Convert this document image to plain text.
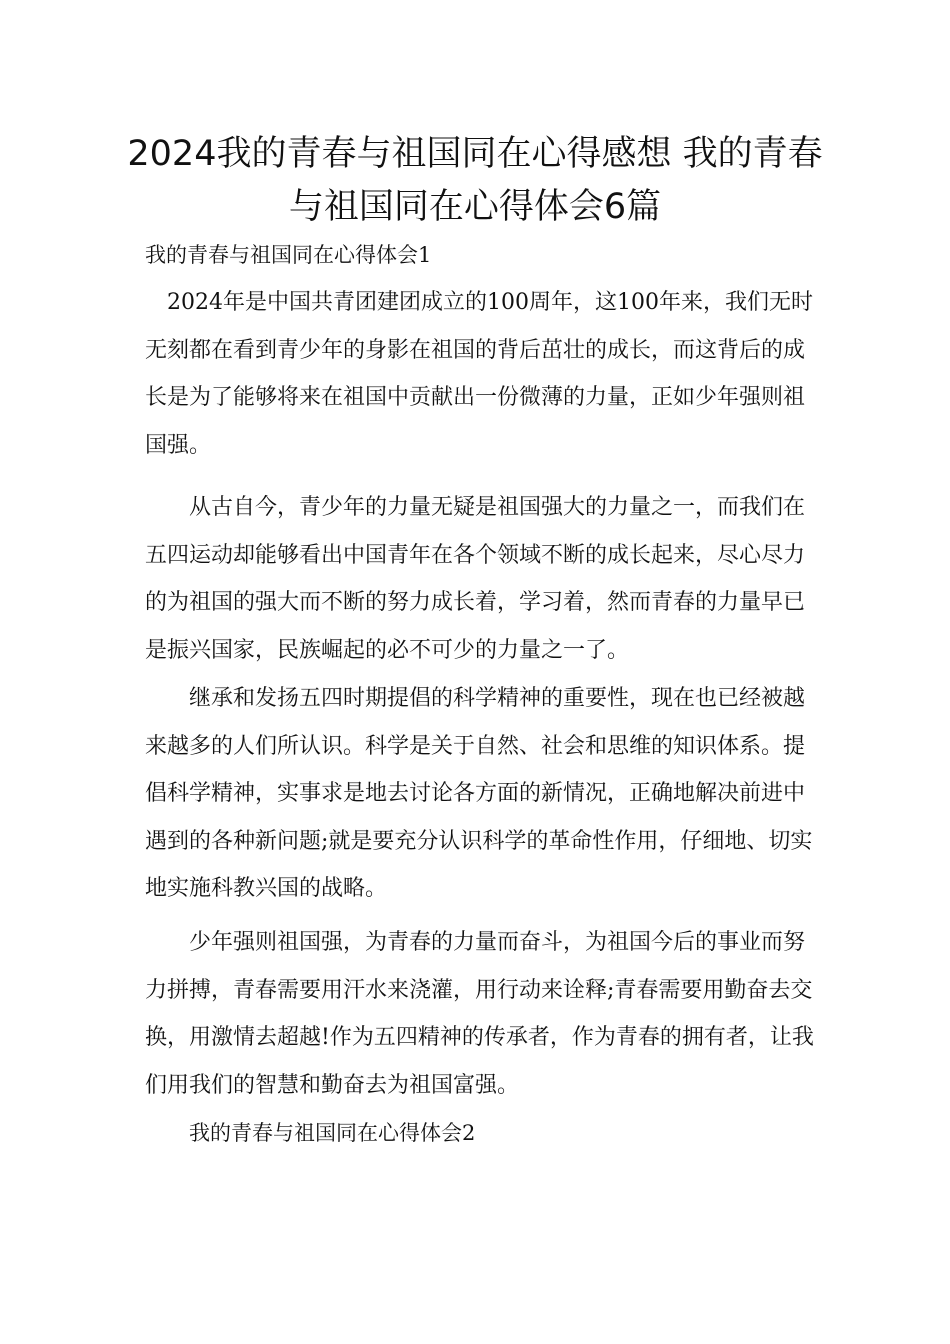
2024我的青春与祖国同在心得感想 我的青春与祖国同在心得体会6篇

我的青春与祖国同在心得体会1

2024年是中国共青团建团成立的100周年，这100年来，我们无时无刻都在看到青少年的身影在祖国的背后茁壮的成长，而这背后的成长是为了能够将来在祖国中贡献出一份微薄的力量，正如少年强则祖国强。

从古自今，青少年的力量无疑是祖国强大的力量之一，而我们在五四运动却能够看出中国青年在各个领域不断的成长起来，尽心尽力的为祖国的强大而不断的努力成长着，学习着，然而青春的力量早已是振兴国家，民族崛起的必不可少的力量之一了。

继承和发扬五四时期提倡的科学精神的重要性，现在也已经被越来越多的人们所认识。科学是关于自然、社会和思维的知识体系。提倡科学精神，实事求是地去讨论各方面的新情况，正确地解决前进中遇到的各种新问题;就是要充分认识科学的革命性作用，仔细地、切实地实施科教兴国的战略。

少年强则祖国强，为青春的力量而奋斗，为祖国今后的事业而努力拼搏，青春需要用汗水来浇灌，用行动来诠释;青春需要用勤奋去交换，用激情去超越!作为五四精神的传承者，作为青春的拥有者，让我们用我们的智慧和勤奋去为祖国富强。

我的青春与祖国同在心得体会2
